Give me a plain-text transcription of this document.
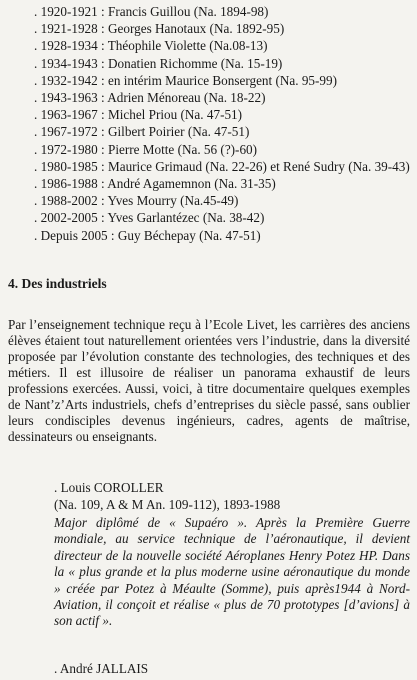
. 1920-1921 : Francis Guillou (Na. 1894-98)
. 1921-1928 : Georges Hanotaux (Na. 1892-95)
. 1928-1934 : Théophile Violette (Na.08-13)
. 1934-1943 : Donatien Richomme (Na. 15-19)
. 1932-1942 : en intérim Maurice Bonsergent (Na. 95-99)
. 1943-1963 : Adrien Ménoreau (Na. 18-22)
. 1963-1967 : Michel Priou (Na. 47-51)
. 1967-1972 : Gilbert Poirier (Na. 47-51)
. 1972-1980 : Pierre Motte (Na. 56 (?)-60)
. 1980-1985 : Maurice Grimaud (Na. 22-26) et René Sudry (Na. 39-43)
. 1986-1988 : André Agamemnon (Na. 31-35)
. 1988-2002 : Yves Mourry (Na.45-49)
. 2002-2005 : Yves Garlantézec (Na. 38-42)
. Depuis 2005 : Guy Béchepay (Na. 47-51)
4. Des industriels

Par l’enseignement technique reçu à l’Ecole Livet, les carrières des anciens élèves étaient tout naturellement orientées vers l’industrie, dans la diversité proposée par l’évolution constante des technologies, des techniques et des métiers. Il est illusoire de réaliser un panorama exhaustif de leurs professions exercées. Aussi, voici, à titre documentaire quelques exemples de Nant’z’Arts industriels, chefs d’entreprises du siècle passé, sans oublier leurs condisciples devenus ingénieurs, cadres, agents de maîtrise, dessinateurs ou enseignants.

. Louis COROLLER

(Na. 109, A & M An. 109-112), 1893-1988

Major diplômé de « Supaéro ». Après la Première Guerre mondiale, au service technique de l’aéronautique, il devient directeur de la nouvelle société Aéroplanes Henry Potez HP. Dans la « plus grande et la plus moderne usine aéronautique du monde » créée par Potez à Méaulte (Somme), puis après1944 à Nord-Aviation, il conçoit et réalise « plus de 70 prototypes [d’avions] à son actif ».

. André JALLAIS
